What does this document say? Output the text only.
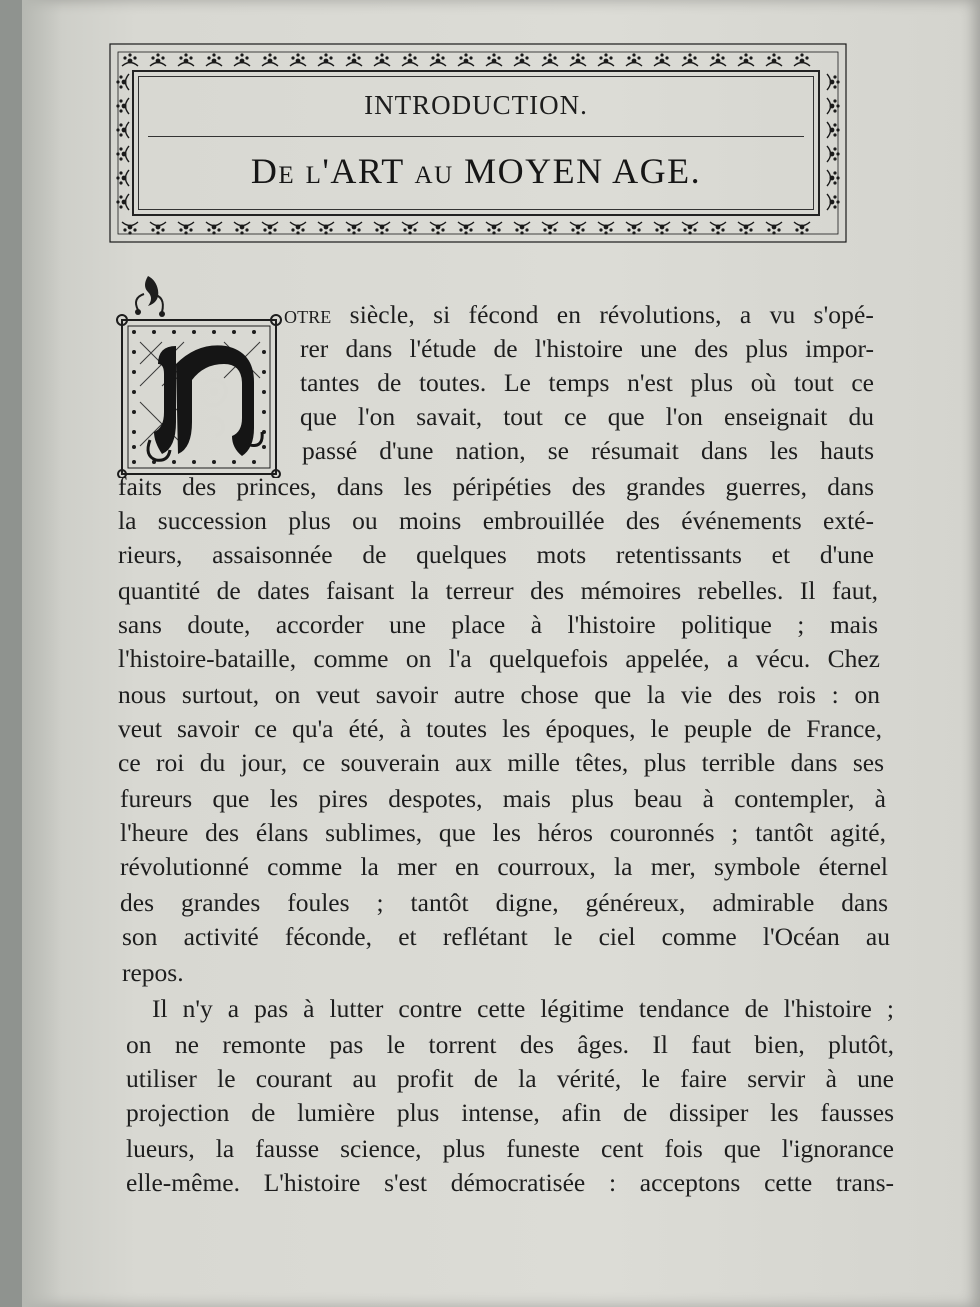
INTRODUCTION.
De l'ART au MOYEN AGE.
otre siècle, si fécond en révolutions, a vu s'opé-
rer dans l'étude de l'histoire une des plus impor-
tantes de toutes. Le temps n'est plus où tout ce
que l'on savait, tout ce que l'on enseignait du
passé d'une nation, se résumait dans les hauts
faits des princes, dans les péripéties des grandes guerres, dans
la succession plus ou moins embrouillée des événements exté-
rieurs, assaisonnée de quelques mots retentissants et d'une
quantité de dates faisant la terreur des mémoires rebelles. Il faut,
sans doute, accorder une place à l'histoire politique ; mais
l'histoire-bataille, comme on l'a quelquefois appelée, a vécu. Chez
nous surtout, on veut savoir autre chose que la vie des rois : on
veut savoir ce qu'a été, à toutes les époques, le peuple de France,
ce roi du jour, ce souverain aux mille têtes, plus terrible dans ses
fureurs que les pires despotes, mais plus beau à contempler, à
l'heure des élans sublimes, que les héros couronnés ; tantôt agité,
révolutionné comme la mer en courroux, la mer, symbole éternel
des grandes foules ; tantôt digne, généreux, admirable dans
son activité féconde, et reflétant le ciel comme l'Océan au
repos.
Il n'y a pas à lutter contre cette légitime tendance de l'histoire ;
on ne remonte pas le torrent des âges. Il faut bien, plutôt,
utiliser le courant au profit de la vérité, le faire servir à une
projection de lumière plus intense, afin de dissiper les fausses
lueurs, la fausse science, plus funeste cent fois que l'ignorance
elle-même. L'histoire s'est démocratisée : acceptons cette trans-
